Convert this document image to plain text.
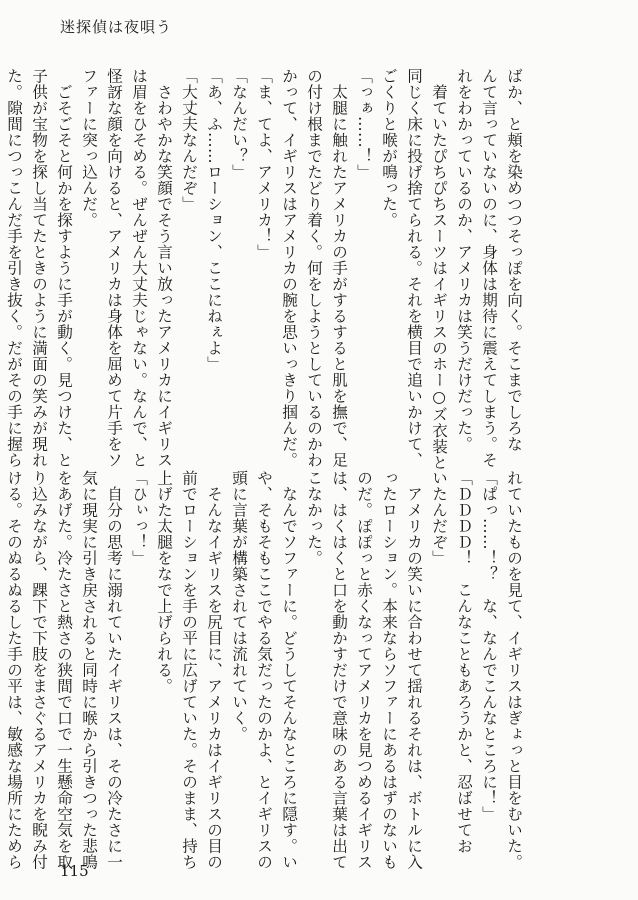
迷探偵は夜唄う
ばか、と頬を染めつつそっぽを向く。そこまでしろな
んて言っていないのに、身体は期待に震えてしまう。そ
れをわかっているのか、アメリカは笑うだけだった。
　着ていたぴちぴちスーツはイギリスのホー○ズ衣装と
同じく床に投げ捨てられる。それを横目で追いかけて、
ごくりと喉が鳴った。
「っぁ……！」
　太腿に触れたアメリカの手がするすると肌を撫で、足
の付け根までたどり着く。何をしようとしているのかわ
かって、イギリスはアメリカの腕を思いっきり掴んだ。
「ま、てよ、アメリカ！」
「なんだい？」
「あ、ふ……ローション、ここにねぇよ」
「大丈夫なんだぞ」
　さわやかな笑顔でそう言い放ったアメリカにイギリス
は眉をひそめる。ぜんぜん大丈夫じゃない。なんで、と
怪訝な顔を向けると、アメリカは身体を屈めて片手をソ
ファーに突っ込んだ。
　ごそごそと何かを探すように手が動く。見つけた、と
子供が宝物を探し当てたときのように満面の笑みが現れ
た。隙間につっこんだ手を引き抜く。だがその手に握ら
れていたものを見て、イギリスはぎょっと目をむいた。
「ぱっ……！？　な、なんでこんなところに！」
「ＤＤＤＤ！　こんなこともあろうかと、忍ばせてお
いたんだぞ」
　アメリカの笑いに合わせて揺れるそれは、ボトルに入
ったローション。本来ならソファーにあるはずのないも
のだ。ぽぽっと赤くなってアメリカを見つめるイギリス
は、はくはくと口を動かすだけで意味のある言葉は出て
こなかった。
　なんでソファーに。どうしてそんなところに隠す。い
や、そもそもここでやる気だったのかよ、とイギリスの
頭に言葉が構築されては流れていく。
　そんなイギリスを尻目に、アメリカはイギリスの目の
前でローションを手の平に広げていた。そのまま、持ち
上げた太腿をなで上げられる。
「ひぃっ！」
　自分の思考に溺れていたイギリスは、その冷たさに一
気に現実に引き戻されると同時に喉から引きつった悲鳴
をあげた。冷たさと熱さの狭間で口で一生懸命空気を取
り込みながら、踝下で下肢をまさぐるアメリカを睨み付
ける。そのぬるぬるした手の平は、敏感な場所にためら
115
